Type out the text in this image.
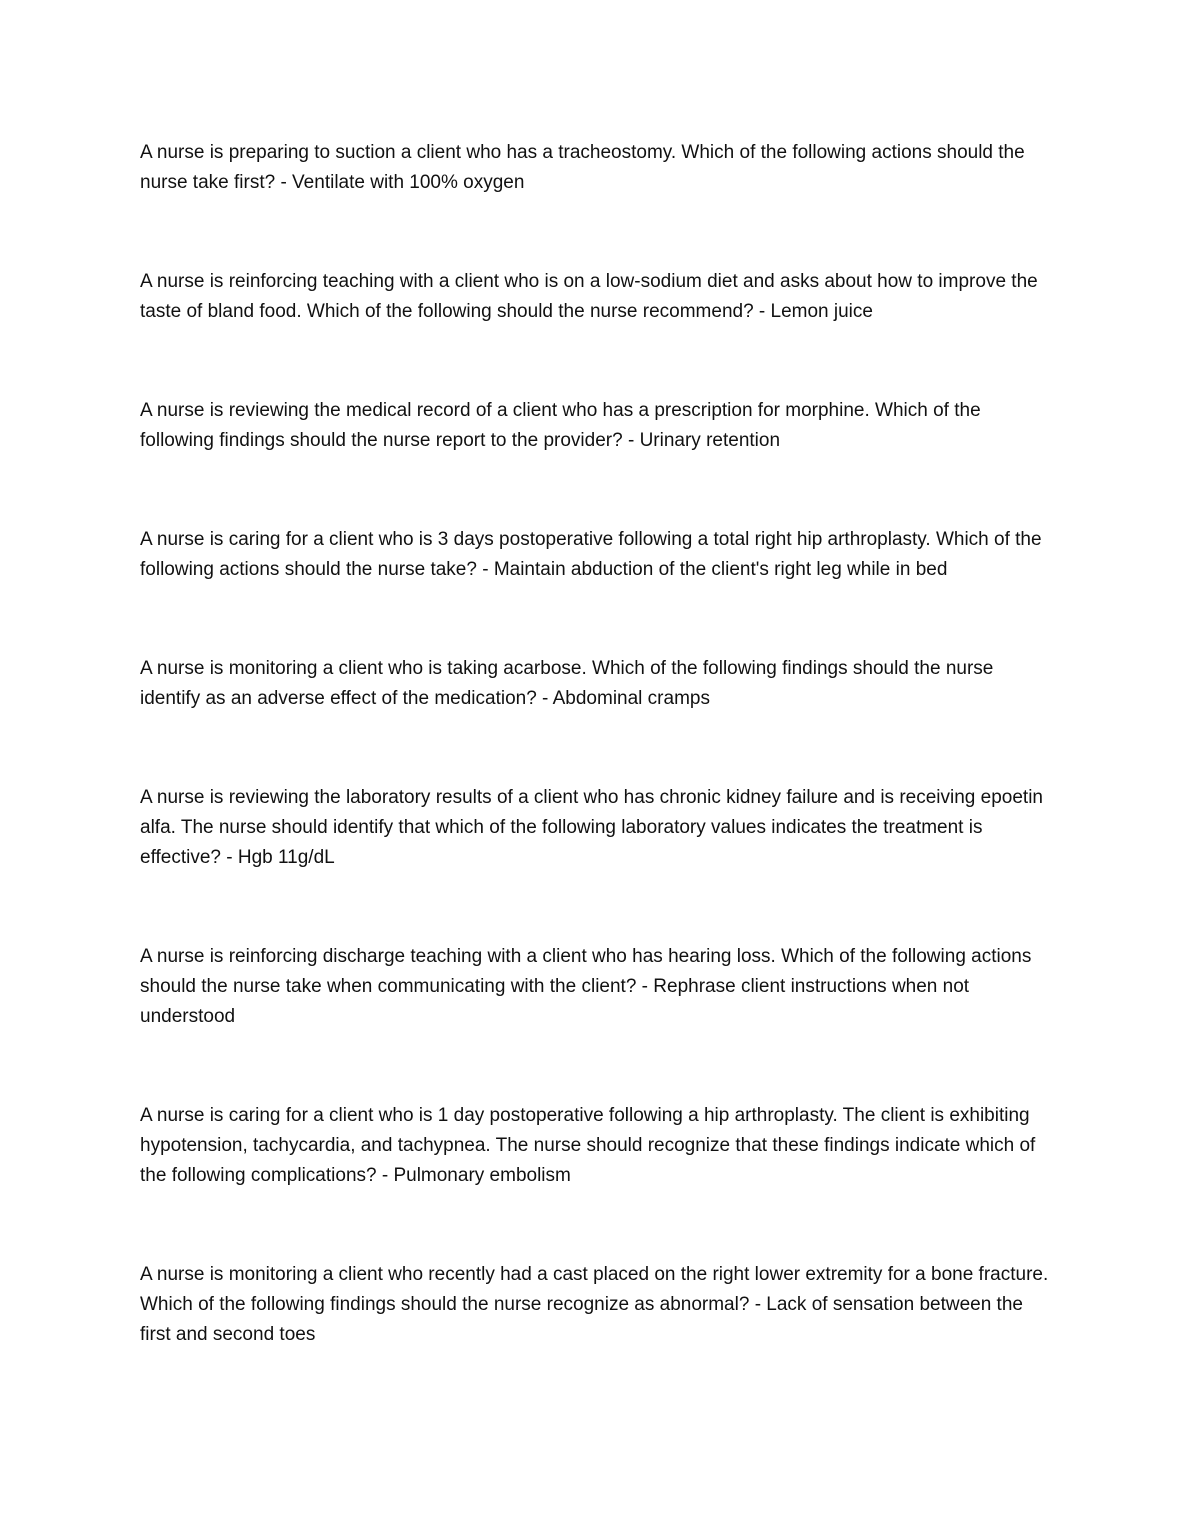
A nurse is preparing to suction a client who has a tracheostomy. Which of the following actions should the nurse take first? - Ventilate with 100% oxygen
A nurse is reinforcing teaching with a client who is on a low-sodium diet and asks about how to improve the taste of bland food. Which of the following should the nurse recommend? - Lemon juice
A nurse is reviewing the medical record of a client who has a prescription for morphine. Which of the following findings should the nurse report to the provider? - Urinary retention
A nurse is caring for a client who is 3 days postoperative following a total right hip arthroplasty. Which of the following actions should the nurse take? - Maintain abduction of the client's right leg while in bed
A nurse is monitoring a client who is taking acarbose. Which of the following findings should the nurse identify as an adverse effect of the medication? - Abdominal cramps
A nurse is reviewing the laboratory results of a client who has chronic kidney failure and is receiving epoetin alfa. The nurse should identify that which of the following laboratory values indicates the treatment is effective? - Hgb 11g/dL
A nurse is reinforcing discharge teaching with a client who has hearing loss. Which of the following actions should the nurse take when communicating with the client? - Rephrase client instructions when not understood
A nurse is caring for a client who is 1 day postoperative following a hip arthroplasty. The client is exhibiting hypotension, tachycardia, and tachypnea. The nurse should recognize that these findings indicate which of the following complications? - Pulmonary embolism
A nurse is monitoring a client who recently had a cast placed on the right lower extremity for a bone fracture. Which of the following findings should the nurse recognize as abnormal? - Lack of sensation between the first and second toes
